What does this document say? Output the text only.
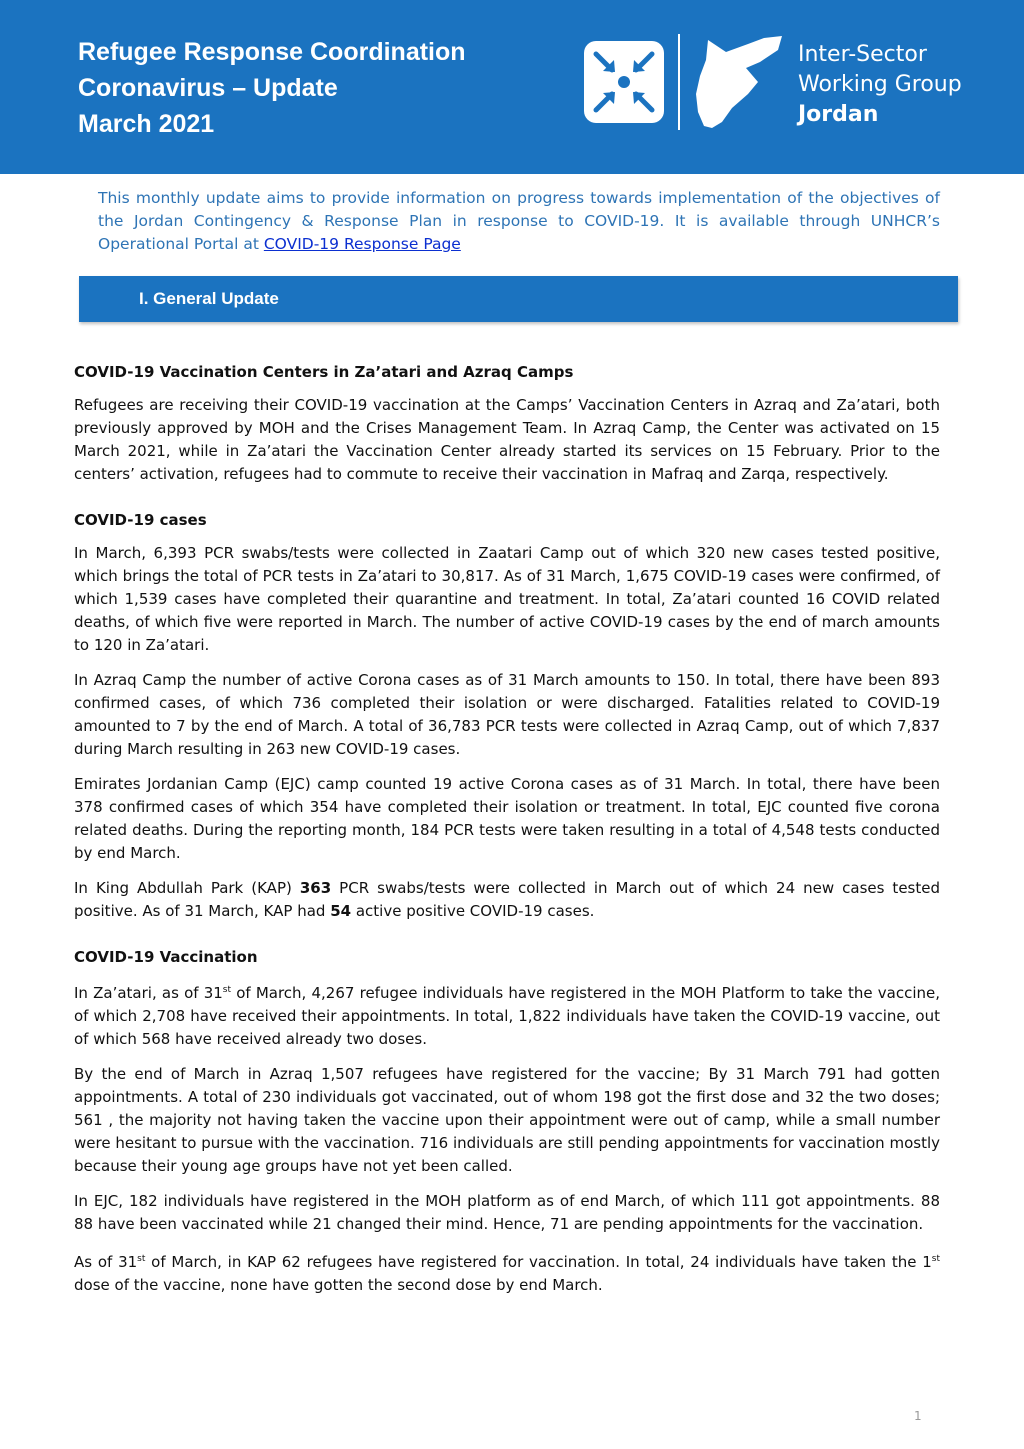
Refugee Response Coordination
Coronavirus – Update
March 2021
Inter-Sector
Working Group
Jordan
This monthly update aims to provide information on progress towards implementation of the objectives of the Jordan Contingency & Response Plan in response to COVID-19. It is available through UNHCR’s Operational Portal at COVID-19 Response Page
I. General Update
COVID-19 Vaccination Centers in Za’atari and Azraq Camps

Refugees are receiving their COVID-19 vaccination at the Camps’ Vaccination Centers in Azraq and Za’atari, both previously approved by MOH and the Crises Management Team. In Azraq Camp, the Center was activated on 15 March 2021, while in Za’atari the Vaccination Center already started its services on 15 February. Prior to the centers’ activation, refugees had to commute to receive their vaccination in Mafraq and Zarqa, respectively.

COVID-19 cases

In March, 6,393 PCR swabs/tests were collected in Zaatari Camp out of which 320 new cases tested positive, which brings the total of PCR tests in Za’atari to 30,817. As of 31 March, 1,675 COVID-19 cases were confirmed, of which 1,539 cases have completed their quarantine and treatment. In total, Za’atari counted 16 COVID related deaths, of which five were reported in March. The number of active COVID-19 cases by the end of march amounts to 120 in Za’atari.

In Azraq Camp the number of active Corona cases as of 31 March amounts to 150. In total, there have been 893 confirmed cases, of which 736 completed their isolation or were discharged. Fatalities related to COVID-19 amounted to 7 by the end of March. A total of 36,783 PCR tests were collected in Azraq Camp, out of which 7,837 during March resulting in 263 new COVID-19 cases.

Emirates Jordanian Camp (EJC) camp counted 19 active Corona cases as of 31 March. In total, there have been 378 confirmed cases of which 354 have completed their isolation or treatment. In total, EJC counted five corona related deaths. During the reporting month, 184 PCR tests were taken resulting in a total of 4,548 tests conducted by end March.

In King Abdullah Park (KAP) 363 PCR swabs/tests were collected in March out of which 24 new cases tested positive. As of 31 March, KAP had 54 active positive COVID-19 cases.

COVID-19 Vaccination

In Za’atari, as of 31st of March, 4,267 refugee individuals have registered in the MOH Platform to take the vaccine, of which 2,708 have received their appointments. In total, 1,822 individuals have taken the COVID-19 vaccine, out of which 568 have received already two doses.

By the end of March in Azraq 1,507 refugees have registered for the vaccine; By 31 March 791 had gotten appointments. A total of 230 individuals got vaccinated, out of whom 198 got the first dose and 32 the two doses; 561 , the majority not having taken the vaccine upon their appointment were out of camp, while a small number were hesitant to pursue with the vaccination. 716 individuals are still pending appointments for vaccination mostly because their young age groups have not yet been called.

In EJC, 182 individuals have registered in the MOH platform as of end March, of which 111 got appointments. 88 88 have been vaccinated while 21 changed their mind. Hence, 71 are pending appointments for the vaccination.

As of 31st of March, in KAP 62 refugees have registered for vaccination. In total, 24 individuals have taken the 1st dose of the vaccine, none have gotten the second dose by end March.

1
